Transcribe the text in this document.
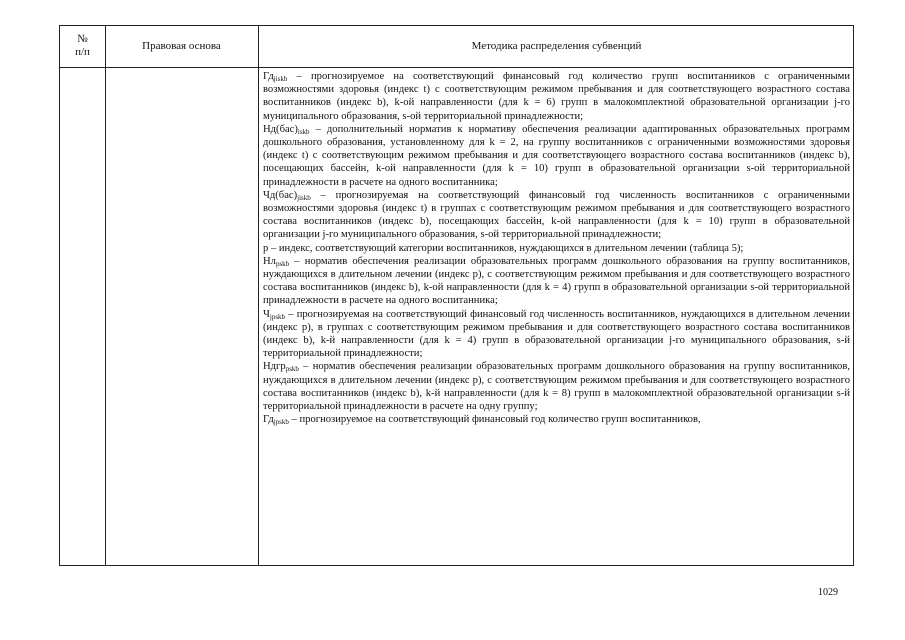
№
п/п	Правовая основа	Методика распределения субвенций

$Гд_{jiskb}$ – прогнозируемое на соответствующий финансовый год количество групп воспитанников с ограниченными возможностями здоровья (индекс t) с соответствующим режимом пребывания и для соответствующего возрастного состава воспитанников (индекс b), k-ой направленности (для k = 6) групп в малокомплектной образовательной организации j-го муниципального образования, s-ой территориальной принадлежности;

$Нд(бас)_{iskb}$ – дополнительный норматив к нормативу обеспечения реализации адаптированных образовательных программ дошкольного образования, установленному для k = 2, на группу воспитанников с ограниченными возможностями здоровья (индекс t) с соответствующим режимом пребывания и для соответствующего возрастного состава воспитанников (индекс b), посещающих бассейн, k-ой направленности (для k = 10) групп в образовательной организации s-ой территориальной принадлежности в расчете на одного воспитанника;

$Чд(бас)_{jiskb}$ – прогнозируемая на соответствующий финансовый год численность воспитанников с ограниченными возможностями здоровья (индекс t) в группах с соответствующим режимом пребывания и для соответствующего возрастного состава воспитанников (индекс b), посещающих бассейн, k-ой направленности (для k = 10) групп в образовательной организации j-го муниципального образования, s-ой территориальной принадлежности;

p – индекс, соответствующий категории воспитанников, нуждающихся в длительном лечении (таблица 5);

$Нл_{pskb}$ – норматив обеспечения реализации образовательных программ дошкольного образования на группу воспитанников, нуждающихся в длительном лечении (индекс p), с соответствующим режимом пребывания и для соответствующего возрастного состава воспитанников (индекс b), k-ой направленности (для k = 4) групп в образовательной организации s-ой территориальной принадлежности в расчете на одного воспитанника;

$Ч_{jpskb}$ – прогнозируемая на соответствующий финансовый год численность воспитанников, нуждающихся в длительном лечении (индекс p), в группах с соответствующим режимом пребывания и для соответствующего возрастного состава воспитанников (индекс b), k-й направленности (для k = 4) групп в образовательной организации j-го муниципального образования, s-й территориальной принадлежности;

Ндгр$_{pskb}$ – норматив обеспечения реализации образовательных программ дошкольного образования на группу воспитанников, нуждающихся в длительном лечении (индекс p), с соответствующим режимом пребывания и для соответствующего возрастного состава воспитанников (индекс b), k-й направленности (для k = 8) групп в малокомплектной образовательной организации s-й территориальной принадлежности в расчете на одну группу;

$Гд_{jpskb}$ – прогнозируемое на соответствующий финансовый год количество групп воспитанников,

1029
